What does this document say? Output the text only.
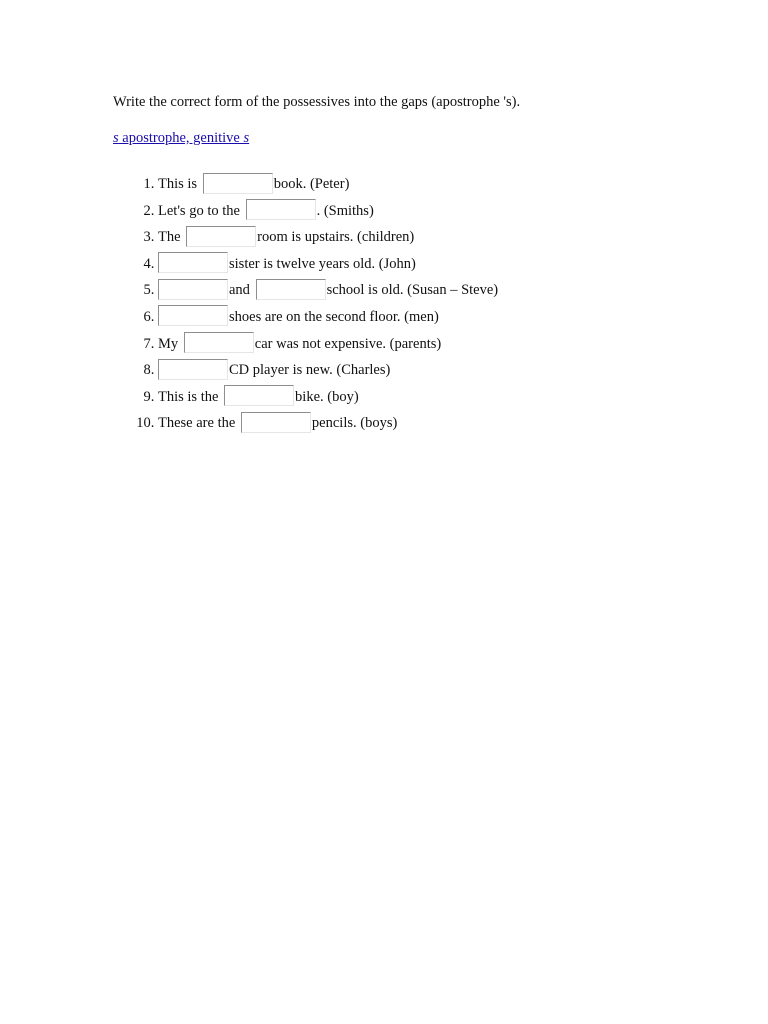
Write the correct form of the possessives into the gaps (apostrophe 's).

s apostrophe, genitive s
1. This is	book. (Peter)
2. Let's go to the	. (Smiths)
3. The	room is upstairs. (children)
4. sister is twelve years old. (John)
5. and	school is old. (Susan – Steve)
6. shoes are on the second floor. (men)
7. My	car was not expensive. (parents)
8. CD player is new. (Charles)
9. This is the	bike. (boy)
10. These are the	pencils. (boys)
